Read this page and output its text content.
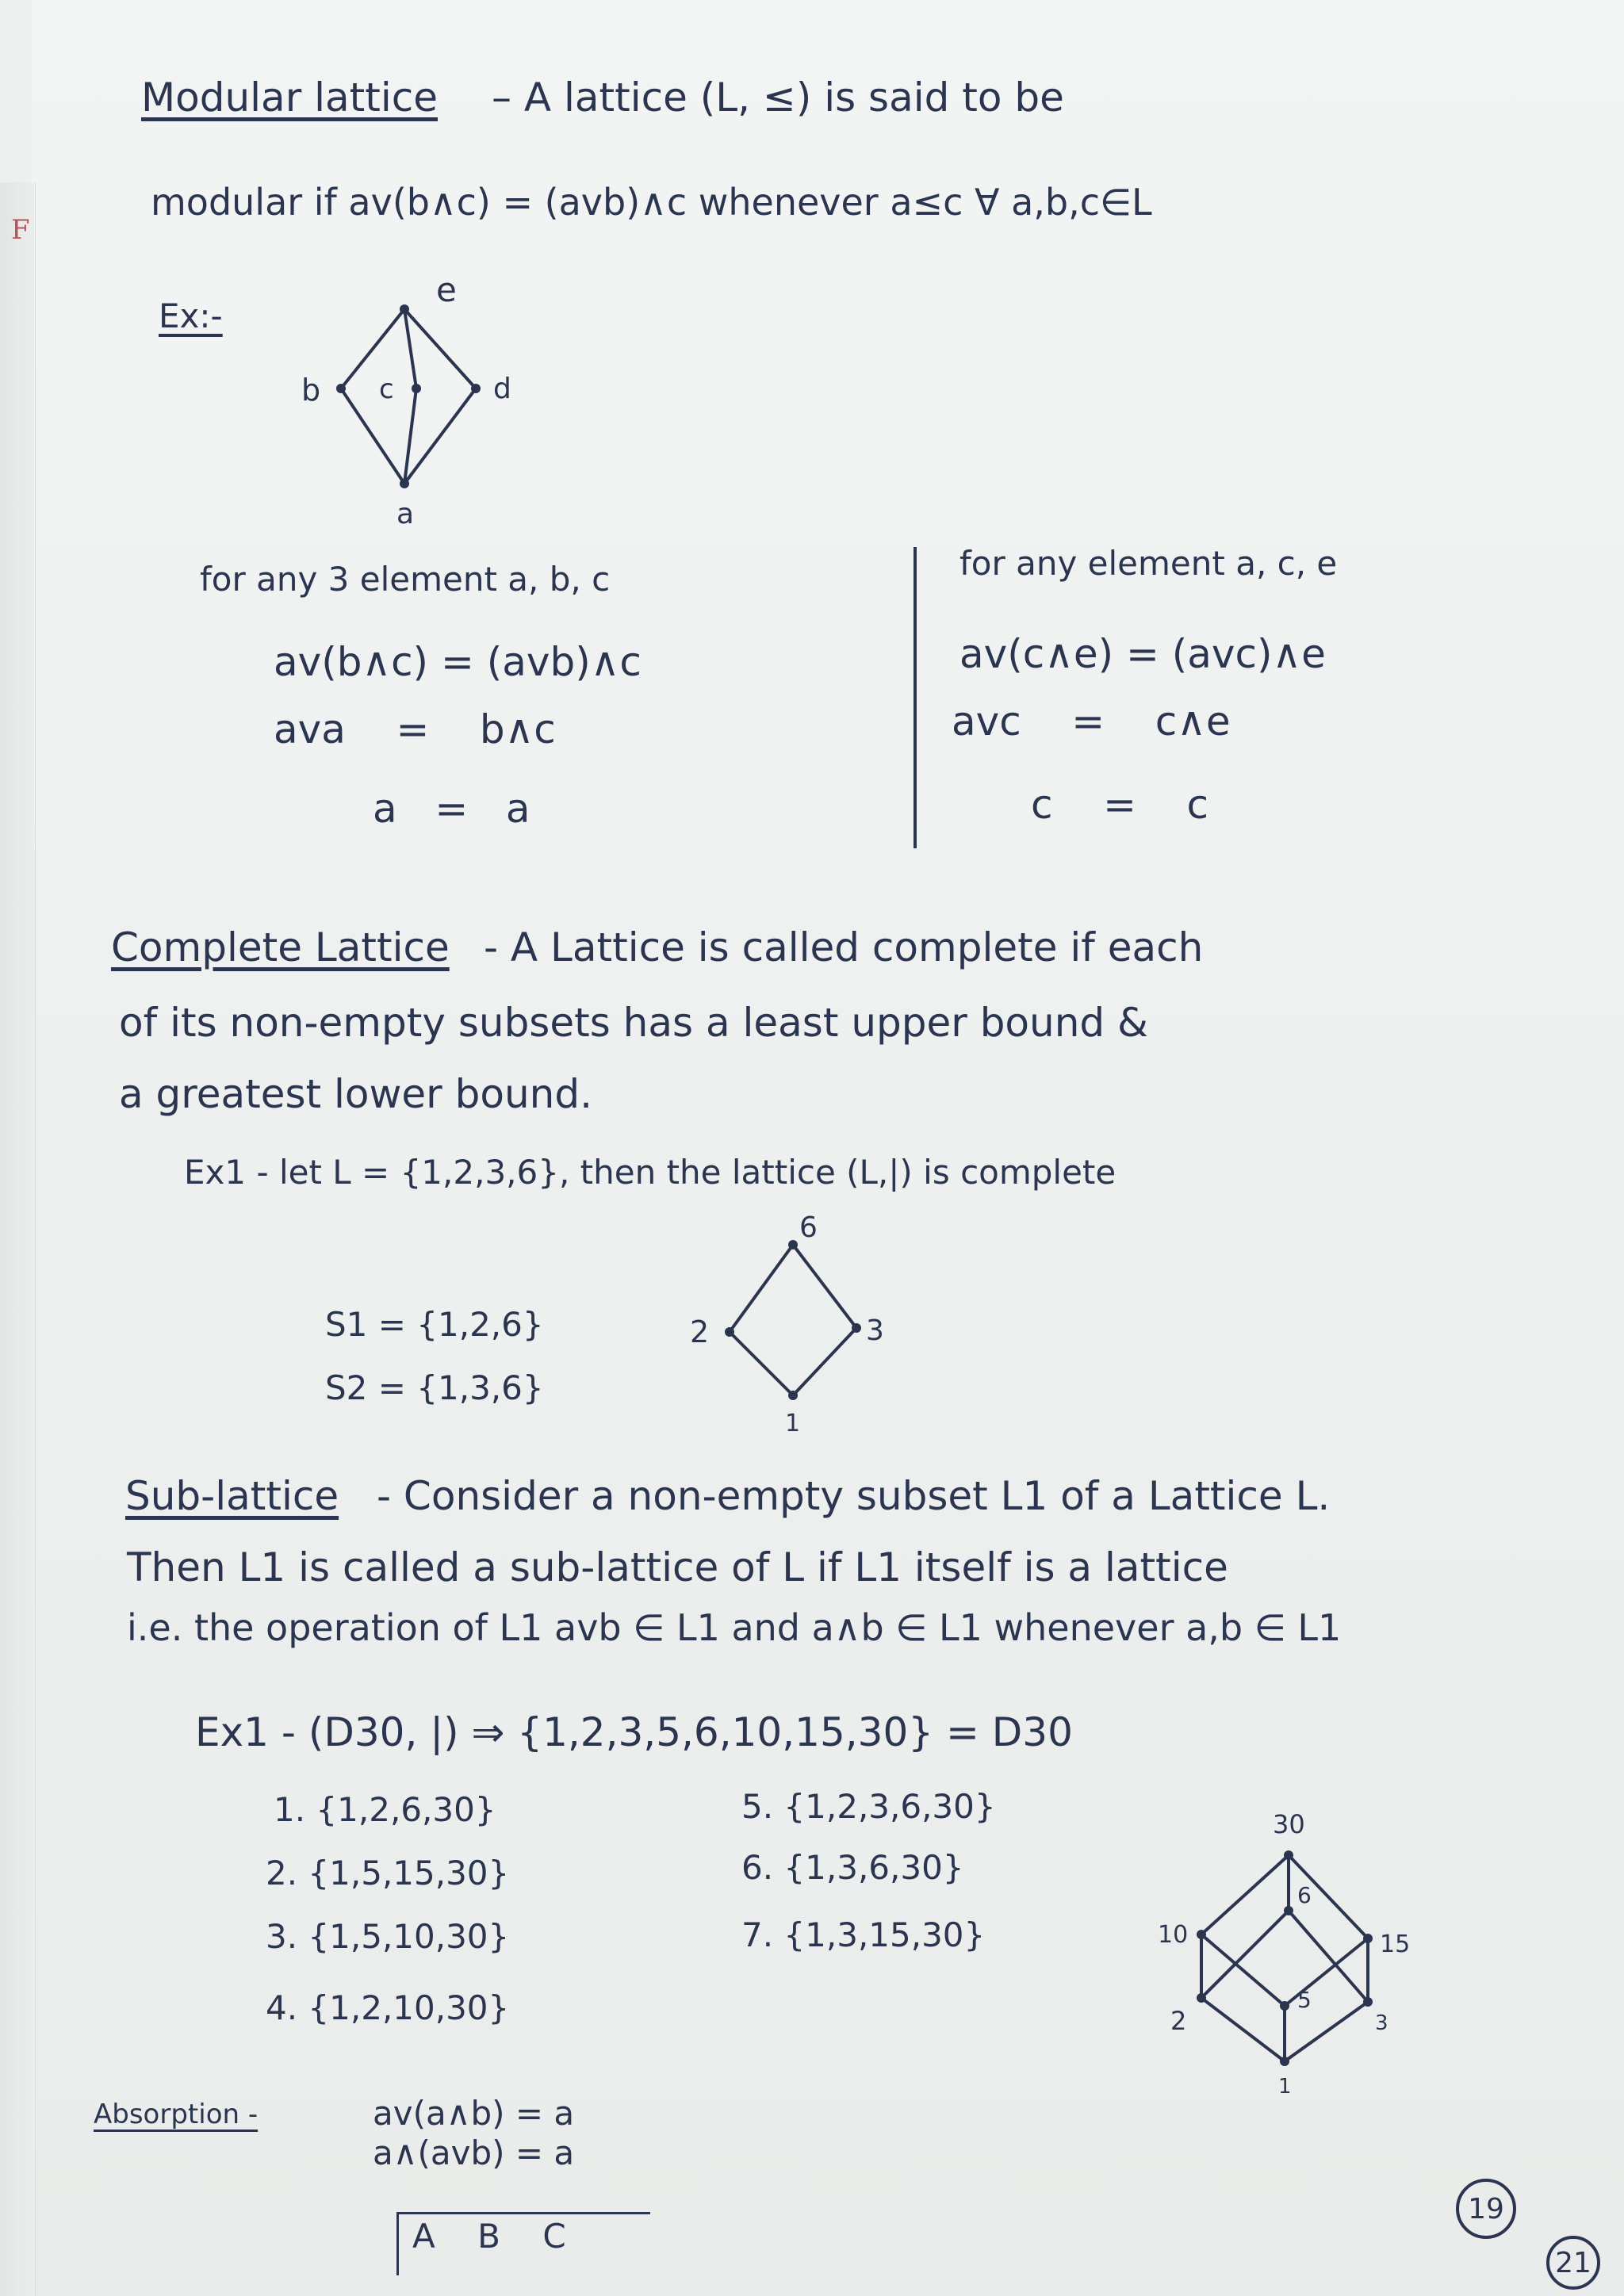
F
Modular lattice – A lattice (L, ≤) is said to be
modular if av(b∧c) = (avb)∧c whenever a≤c ∀ a,b,c∈L
Ex:-
e
b c	d
a
for any 3 element a, b, c
av(b∧c) = (avb)∧c
ava    =    b∧c
a   =   a
for any element a, c, e
av(c∧e) = (avc)∧e
avc    =    c∧e
c    =    c
Complete Lattice - A Lattice is called complete if each
of its non-empty subsets has a least upper bound &
a greatest lower bound.
Ex1 - let L = {1,2,3,6}, then the lattice (L,|) is complete
S1 = {1,2,6}
S2 = {1,3,6}
6
2	3
1
Sub-lattice - Consider a non-empty subset L1 of a Lattice L.
Then L1 is called a sub-lattice of L if L1 itself is a lattice
i.e. the operation of L1 avb ∈ L1 and a∧b ∈ L1 whenever a,b ∈ L1
Ex1 - (D30, |) ⇒ {1,2,3,5,6,10,15,30} = D30
1. {1,2,6,30}
2. {1,5,15,30}
3. {1,5,10,30}
4. {1,2,10,30}
5. {1,2,3,6,30}
6. {1,3,6,30}
7. {1,3,15,30}
30
6
10	15
2
5
3
1
Absorption -	av(a∧b) = a
a∧(avb) = a
A    B    C
19
21
